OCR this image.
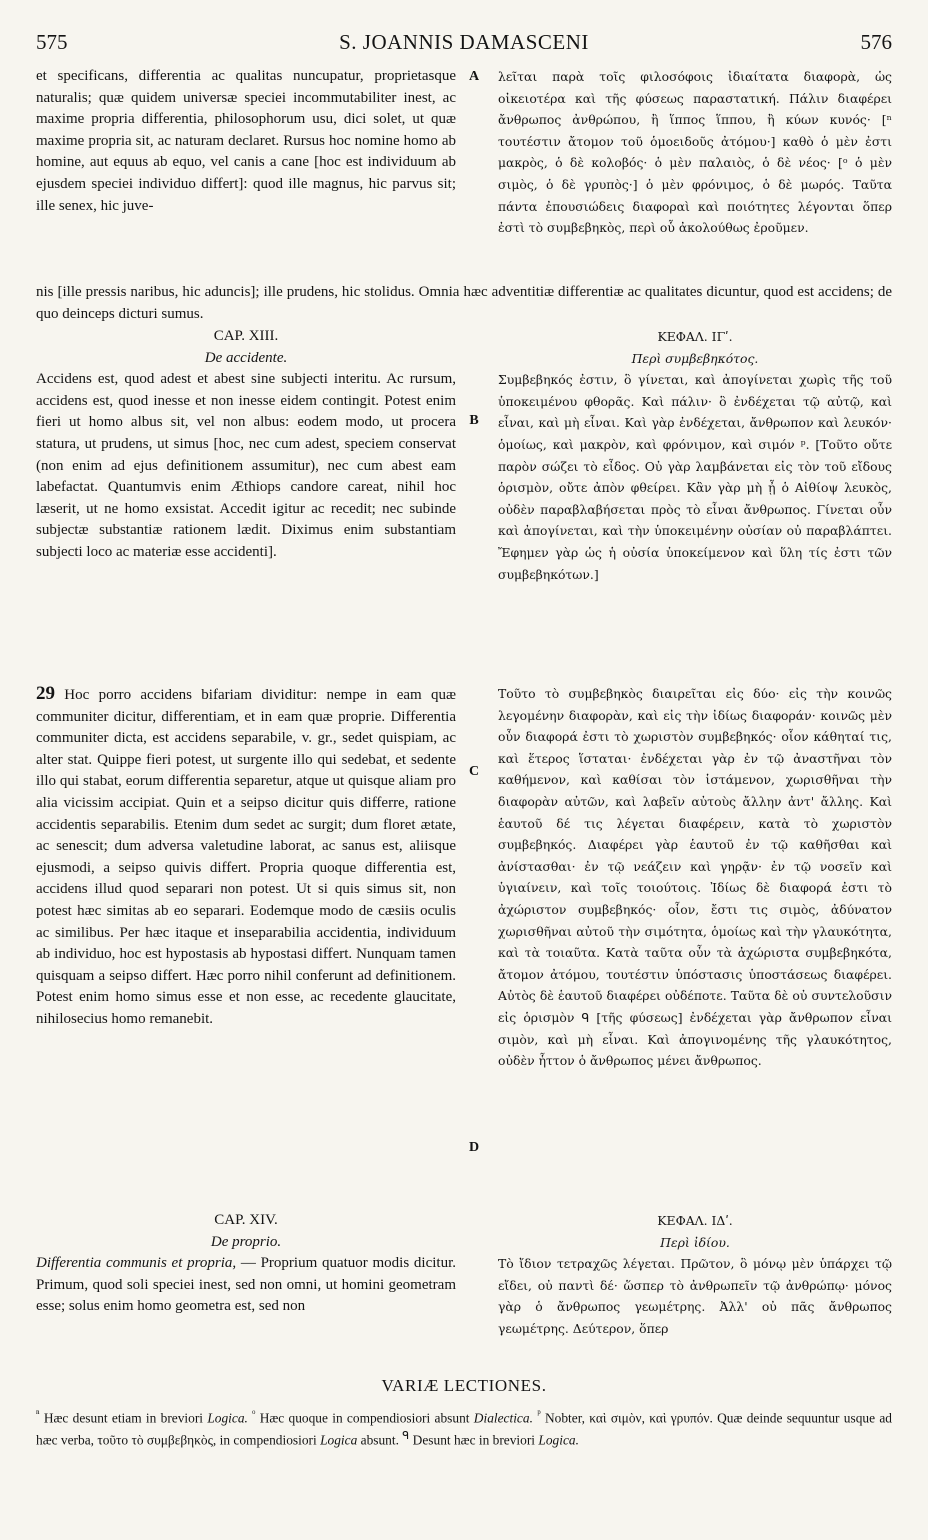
575	S. JOANNIS DAMASCENI	576
A
B
C
D

et specificans, differentia ac qualitas nuncupatur, proprietasque naturalis; quæ quidem universæ speciei incommutabiliter inest, ac maxime propria differentia, philosophorum usu, dici solet, ut quæ maxime propria sit, ac naturam declaret. Rursus hoc nomine homo ab homine, aut equus ab equo, vel canis a cane [hoc est individuum ab ejusdem speciei individuo differt]: quod ille magnus, hic parvus sit; ille senex, hic juve-

nis [ille pressis naribus, hic aduncis]; ille prudens, hic stolidus. Omnia hæc adventitiæ differentiæ ac qualitates dicuntur, quod est accidens; de quo deinceps dicturi sumus.

CAP. XIII.

De accidente.

Accidens est, quod adest et abest sine subjecti interitu. Ac rursum, accidens est, quod inesse et non inesse eidem contingit. Potest enim fieri ut homo albus sit, vel non albus: eodem modo, ut procera statura, ut prudens, ut simus [hoc, nec cum adest, speciem conservat (non enim ad ejus definitionem assumitur), nec cum abest eam labefactat. Quantumvis enim Æthiops candore careat, nihil hoc læserit, ut ne homo exsistat. Accedit igitur ac recedit; nec subinde subjectæ substantiæ rationem lædit. Diximus enim substantiam subjecti loco ac materiæ esse accidenti].

29 Hoc porro accidens bifariam dividitur: nempe in eam quæ communiter dicitur, differentiam, et in eam quæ proprie. Differentia communiter dicta, est accidens separabile, v. gr., sedet quispiam, ac alter stat. Quippe fieri potest, ut surgente illo qui sedebat, et sedente illo qui stabat, eorum differentia separetur, atque ut quisque aliam pro alia vicissim accipiat. Quin et a seipso dicitur quis differre, ratione accidentis separabilis. Etenim dum sedet ac surgit; dum floret ætate, ac senescit; dum adversa valetudine laborat, ac sanus est, aliisque ejusmodi, a seipso quivis differt. Propria quoque differentia est, accidens illud quod separari non potest. Ut si quis simus sit, non potest hæc simitas ab eo separari. Eodemque modo de cæsiis oculis ac similibus. Per hæc itaque et inseparabilia accidentia, individuum ab individuo, hoc est hypostasis ab hypostasi differt. Nunquam tamen quisquam a seipso differt. Hæc porro nihil conferunt ad definitionem. Potest enim homo simus esse et non esse, ac recedente glaucitate, nihilosecius homo remanebit.

CAP. XIV.

De proprio.

Differentia communis et propria, — Proprium quatuor modis dicitur. Primum, quod soli speciei inest, sed non omni, ut homini geometram esse; solus enim homo geometra est, sed non

λεῖται παρὰ τοῖς φιλοσόφοις ἰδιαίτατα διαφορὰ, ὡς οἰκειοτέρα καὶ τῆς φύσεως παραστατική. Πάλιν διαφέρει ἄνθρωπος ἀνθρώπου, ἢ ἵππος ἵππου, ἢ κύων κυνός· [ⁿ τουτέστιν ἄτομον τοῦ ὁμοειδοῦς ἀτόμου·] καθὸ ὁ μὲν ἐστι μακρὸς, ὁ δὲ κολοβός· ὁ μὲν παλαιὸς, ὁ δὲ νέος· [ᵒ ὁ μὲν σιμὸς, ὁ δὲ γρυπὸς·] ὁ μὲν φρόνιμος, ὁ δὲ μωρός. Ταῦτα πάντα ἐπουσιώδεις διαφοραὶ καὶ ποιότητες λέγονται ὅπερ ἐστὶ τὸ συμβεβηκὸς, περὶ οὗ ἀκολούθως ἐροῦμεν.

ΚΕΦΑΛ. ΙΓʹ.

Περὶ συμβεβηκότος.

Συμβεβηκός ἐστιν, ὃ γίνεται, καὶ ἀπογίνεται χωρὶς τῆς τοῦ ὑποκειμένου φθορᾶς. Καὶ πάλιν· ὃ ἐνδέχεται τῷ αὐτῷ, καὶ εἶναι, καὶ μὴ εἶναι. Καὶ γὰρ ἐνδέχεται, ἄνθρωπον καὶ λευκόν· ὁμοίως, καὶ μακρὸν, καὶ φρόνιμον, καὶ σιμόν ᵖ. [Τοῦτο οὔτε παρὸν σώζει τὸ εἶδος. Οὐ γὰρ λαμβάνεται εἰς τὸν τοῦ εἴδους ὁρισμὸν, οὔτε ἀπὸν φθείρει. Κἂν γὰρ μὴ ᾖ ὁ Αἰθίοψ λευκὸς, οὐδὲν παραβλαβήσεται πρὸς τὸ εἶναι ἄνθρωπος. Γίνεται οὖν καὶ ἀπογίνεται, καὶ τὴν ὑποκειμένην οὐσίαν οὐ παραβλάπτει. Ἔφημεν γὰρ ὡς ἡ οὐσία ὑποκείμενον καὶ ὕλη τίς ἐστι τῶν συμβεβηκότων.]

Τοῦτο τὸ συμβεβηκὸς διαιρεῖται εἰς δύο· εἰς τὴν κοινῶς λεγομένην διαφορὰν, καὶ εἰς τὴν ἰδίως διαφοράν· κοινῶς μὲν οὖν διαφορά ἐστι τὸ χωριστὸν συμβεβηκός· οἷον κάθηταί τις, καὶ ἕτερος ἵσταται· ἐνδέχεται γὰρ ἐν τῷ ἀναστῆναι τὸν καθήμενον, καὶ καθίσαι τὸν ἱστάμενον, χωρισθῆναι τὴν διαφορὰν αὐτῶν, καὶ λαβεῖν αὐτοὺς ἄλλην ἀντ' ἄλλης. Καὶ ἑαυτοῦ δέ τις λέγεται διαφέρειν, κατὰ τὸ χωριστὸν συμβεβηκός. Διαφέρει γὰρ ἑαυτοῦ ἐν τῷ καθῆσθαι καὶ ἀνίστασθαι· ἐν τῷ νεάζειν καὶ γηρᾷν· ἐν τῷ νοσεῖν καὶ ὑγιαίνειν, καὶ τοῖς τοιούτοις. Ἰδίως δὲ διαφορά ἐστι τὸ ἀχώριστον συμβεβηκός· οἷον, ἔστι τις σιμὸς, ἀδύνατον χωρισθῆναι αὐτοῦ τὴν σιμότητα, ὁμοίως καὶ τὴν γλαυκότητα, καὶ τὰ τοιαῦτα. Κατὰ ταῦτα οὖν τὰ ἀχώριστα συμβεβηκότα, ἄτομον ἀτόμου, τουτέστιν ὑπόστασις ὑποστάσεως διαφέρει. Αὐτὸς δὲ ἑαυτοῦ διαφέρει οὐδέποτε. Ταῦτα δὲ οὐ συντελοῦσιν εἰς ὁρισμὸν ᑫ [τῆς φύσεως] ἐνδέχεται γὰρ ἄνθρωπον εἶναι σιμὸν, καὶ μὴ εἶναι. Καὶ ἀπογινομένης τῆς γλαυκότητος, οὐδὲν ἧττον ὁ ἄνθρωπος μένει ἄνθρωπος.

ΚΕΦΑΛ. ΙΔʹ.

Περὶ ἰδίου.

Τὸ ἴδιον τετραχῶς λέγεται. Πρῶτον, ὃ μόνῳ μὲν ὑπάρχει τῷ εἴδει, οὐ παντὶ δέ· ὥσπερ τὸ ἀνθρωπεῖν τῷ ἀνθρώπῳ· μόνος γὰρ ὁ ἄνθρωπος γεωμέτρης. Ἀλλ' οὐ πᾶς ἄνθρωπος γεωμέτρης. Δεύτερον, ὅπερ

VARIÆ LECTIONES.
$^{^n}$ Hæc desunt etiam in breviori Logica. $^ᵒ$ Hæc quoque in compendiosiori absunt Dialectica. $^ᵖ$ Nobter, καὶ σιμὸν, καὶ γρυπόν. Quæ deinde sequuntur usque ad hæc verba, τοῦτο τὸ συμβεβηκὸς, in compendiosiori Logica absunt. $^ᑫ$ Desunt hæc in breviori Logica.
